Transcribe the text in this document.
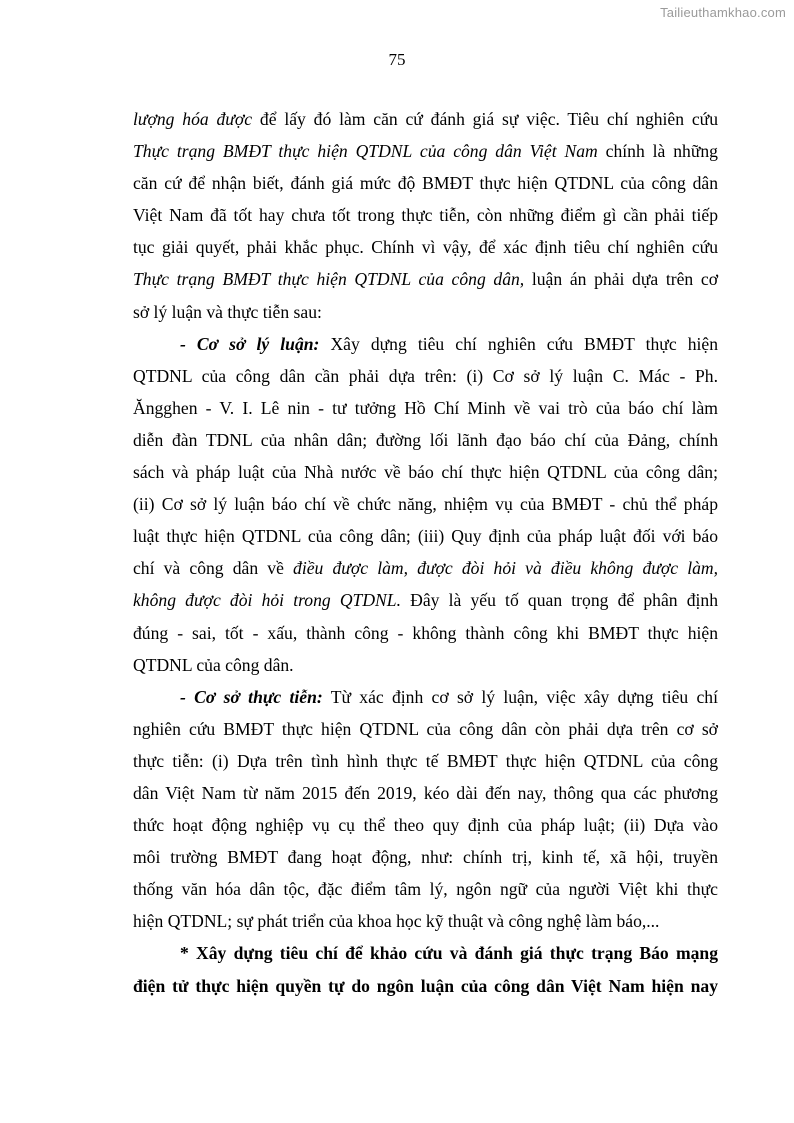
Tailieuthamkhao.com
75
lượng hóa được để lấy đó làm căn cứ đánh giá sự việc. Tiêu chí nghiên cứu
Thực trạng BMĐT thực hiện QTDNL của công dân Việt Nam chính là những
căn cứ để nhận biết, đánh giá mức độ BMĐT thực hiện QTDNL của công dân
Việt Nam đã tốt hay chưa tốt trong thực tiễn, còn những điểm gì cần phải tiếp
tục giải quyết, phải khắc phục. Chính vì vậy, để xác định tiêu chí nghiên cứu
Thực trạng BMĐT thực hiện QTDNL của công dân, luận án phải dựa trên cơ
sở lý luận và thực tiễn sau:
- Cơ sở lý luận: Xây dựng tiêu chí nghiên cứu BMĐT thực hiện
QTDNL của công dân cần phải dựa trên: (i) Cơ sở lý luận C. Mác - Ph.
Ăngghen - V. I. Lê nin - tư tưởng Hồ Chí Minh về vai trò của báo chí làm
diễn đàn TDNL của nhân dân; đường lối lãnh đạo báo chí của Đảng, chính
sách và pháp luật của Nhà nước về báo chí thực hiện QTDNL của công dân;
(ii) Cơ sở lý luận báo chí về chức năng, nhiệm vụ của BMĐT - chủ thể pháp
luật thực hiện QTDNL của công dân; (iii) Quy định của pháp luật đối với báo
chí và công dân về điều được làm, được đòi hỏi và điều không được làm,
không được đòi hỏi trong QTDNL. Đây là yếu tố quan trọng để phân định
đúng - sai, tốt - xấu, thành công - không thành công khi BMĐT thực hiện
QTDNL của công dân.
- Cơ sở thực tiễn: Từ xác định cơ sở lý luận, việc xây dựng tiêu chí
nghiên cứu BMĐT thực hiện QTDNL của công dân còn phải dựa trên cơ sở
thực tiễn: (i) Dựa trên tình hình thực tế BMĐT thực hiện QTDNL của công
dân Việt Nam từ năm 2015 đến 2019, kéo dài đến nay, thông qua các phương
thức hoạt động nghiệp vụ cụ thể theo quy định của pháp luật; (ii) Dựa vào
môi trường BMĐT đang hoạt động, như: chính trị, kinh tế, xã hội, truyền
thống văn hóa dân tộc, đặc điểm tâm lý, ngôn ngữ của người Việt khi thực
hiện QTDNL; sự phát triển của khoa học kỹ thuật và công nghệ làm báo,...
* Xây dựng tiêu chí để khảo cứu và đánh giá thực trạng Báo mạng
điện tử thực hiện quyền tự do ngôn luận của công dân Việt Nam hiện nay
